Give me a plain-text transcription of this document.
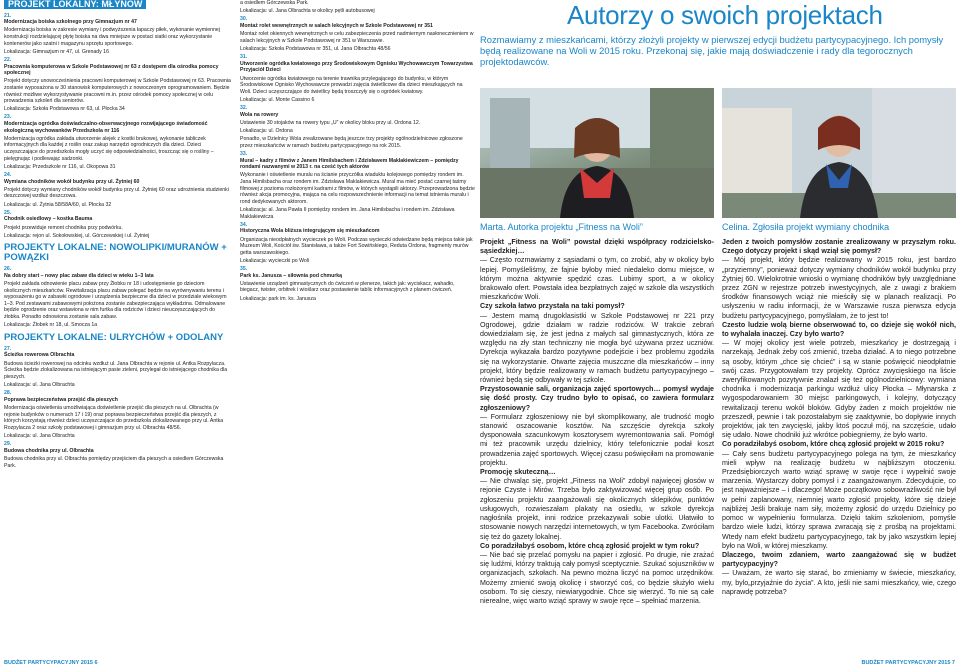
PROJEKT LOKALNY: MŁYNÓW
21.

Modernizacja boiska szkolnego przy Gimnazjum nr 47

Modernizacja boiska w zakresie wymiany i podwyższenia łapaczy piłek, wykonanie wymiennej konstrukcji rozdzielającej płytę boiska na dwa mniejsze w postaci siatki oraz wykorzystanie kontenerów jako szatni i magazynu sprzętu sportowego.

Lokalizacja: Gimnazjum nr 47, ul. Grenady 16

22.

Pracownia komputerowa w Szkole Podstawowej nr 63 z dostępem dla ośrodka pomocy społecznej

Projekt dotyczy unowocześnienia pracowni komputerowej w Szkole Podstawowej nr 63. Pracownia zostanie wyposażona w 30 stanowisk komputerowych z nowoczesnym oprogramowaniem. Będzie również możliwe wykorzystywanie pracowni m.in. przez ośrodek pomocy społecznej w celu prowadzenia szkoleń dla seniorów.

Lokalizacja: Szkoła Podstawowa nr 63, ul. Płocka 34

23.

Modernizacja ogródka doświadczalno-obserwacyjnego rozwijającego świadomość ekologiczną wychowanków Przedszkola nr 116

Modernizacja ogródka zakłada utworzenie alejek z kostki brukowej, wykonanie tabliczek informacyjnych dla każdej z roślin oraz zakup narzędzi ogrodniczych dla dzieci. Dzieci uczęszczające do przedszkola mogły uczyć się odpowiedzialności, troszcząc się o rośliny – pielęgnując i podlewając sadzonki.

Lokalizacja: Przedszkole nr 116, ul. Okopowa 31

24.

Wymiana chodników wokół budynku przy ul. Żytniej 60

Projekt dotyczy wymiany chodników wokół budynku przy ul. Żytniej 60 oraz udrożnienia studzienki deszczowej wzdłuż deszczowa.

Lokalizacja: ul. Żytnia 58/58A/60, ul. Płocka 32

25.

Chodnik osiedlowy – kostka Bauma

Projekt przewiduje remont chodnika przy podwórku.

Lokalizacja: rejon ul. Sokołowskiej, ul. Górczewskiej i ul. Żytniej

PROJEKTY LOKALNE: NOWOLIPKI/MURANÓW + POWĄZKI
26.

Na dobry start – nowy plac zabaw dla dzieci w wieku 1–3 lata

Projekt zakłada odnowienie placu zabaw przy Żłobku nr 18 i udostępnienie go dzieciom okolicznych mieszkańców. Rewitalizacja placu zabaw polegać będzie na wyrównywaniu terenu i wyposażeniu go w zabawki ogrodowe i urządzenia bezpieczne dla dzieci w przedziale wiekowym 1–3. Pod zestawami zabawowymi położona zostanie zabezpieczająca wykładzina. Odmalowane będzie ogrodzenie oraz wstawiona w nim furtka dla rodziców i dzieci nieuczęszczających do żłobka. Ponadto odnowiona zostanie sala zabaw.

Lokalizacja: Żłobek nr 18, ul. Smocza 1a

PROJEKTY LOKALNE: ULRYCHÓW + ODOLANY
27.

Ścieżka rowerowa Olbrachta

Budowa ścieżki rowerowej na odcinku wzdłuż ul. Jana Olbrachta w rejonie ul. Antka Rozpylacza. Ścieżka będzie zlokalizowana na istniejącym pasie zieleni, przylegał do istniejącego chodnika dla pieszych.

Lokalizacja: ul. Jana Olbrachta

28.

Poprawa bezpieczeństwa przejść dla pieszych

Modernizacja oświetlenia umożliwiająca doświetlenie przejść dla pieszych na ul. Olbrachta (w rejonie budynków o numerach 17 i 19) oraz poprawa bezpieczeństwa przejść dla pieszych, z których korzystają również dzieci uczęszczające do przedszkola zlokalizowanego przy ul. Antka Rozpylacza 2 oraz szkoły podstawowej i gimnazjum przy ul. Olbrachta 48/56.

Lokalizacja: ul. Jana Olbrachta

29.

Budowa chodnika przy ul. Olbrachta

Budowa chodnika przy ul. Olbrachta pomiędzy przejściem dla pieszych a osiedlem Górczewska Park.

a osiedlem Górczewska Park.

Lokalizacja: ul. Jana Olbrachta w okolicy pętli autobusowej

30.

Montaż rolet wewnętrznych w salach lekcyjnych w Szkole Podstawowej nr 351

Montaż rolet okiennych wewnętrznych w celu zabezpieczenia przed nadmiernym nasłonecznieniem w salach lekcyjnych w Szkole Podstawowej nr 351 w Warszawie.

Lokalizacja: Szkoła Podstawowa nr 351, ul. Jana Olbrachta 48/56

31.

Utworzenie ogródka kwiatowego przy Środowiskowym Ognisku Wychowawczym Towarzystwa Przyjaciół Dzieci

Utworzenie ogródka kwiatowego na terenie trawnika przylegającego do budynku, w którym Środowiskowe Ognisko Wychowawcze prowadzi zajęcia świetlicowe dla dzieci mieszkających na Woli. Dzieci uczęszczające do świetlicy będą troszczyły się o ogródek kwiatowy.

Lokalizacja: ul. Monte Cassino 6

32.

Wola na rowery

Ustawienie 30 stojaków na rowery typu „U” w okolicy bloku przy ul. Ordona 12.

Lokalizacja: ul. Ordona

Ponadto, w Dzielnicy Wola zrealizowane będą jeszcze trzy projekty ogólnodzielnicowe zgłoszone przez mieszkańców w ramach budżetu partycypacyjnego na rok 2015.

33.

Mural – kadry z filmów z Janem Himilsbachem i Zdzisławem Maklakiewiczem – pomiędzy rondami nazwanymi w 2013 r. na cześć tych aktorów

Wykonanie i oświetlenie muralu na ścianie przyczółka wiaduktu kolejowego pomiędzy rondem im. Jana Himilsbacha oraz rondem im. Zdzisława Maklakiewicza. Mural ma mieć postać czarnej taśmy filmowej z pozioma rozłożonymi kadrami z filmów, w których wystąpili aktorzy. Przeprowadzona będzie również akcja promocyjna, mająca na celu rozpowszechnienie informacji na temat istnienia muralu i rond dedykowanych aktorom.

Lokalizacja: al. Jana Pawła II pomiędzy rondem im. Jana Himilsbacha i rondem im. Zdzisława Maklakiewicza

34.

Historyczna Wola bliższa integrującym się mieszkańcom

Organizacja nieodpłatnych wycieczek po Woli. Podczas wycieczki odwiedzane będą miejsca takie jak Muzeum Woli, Kościół św. Stanisława, a także Fort Sowińskiego, Reduta Ordona, fragmenty murów getta warszawskiego.

Lokalizacja: wycieczki po Woli

35.

Park ks. Janusza – siłownia pod chmurką

Ustawienie urządzeń gimnastycznych do ćwiczeń w plenerze, takich jak: wyciskacz, wahadło, biegacz, twister, orbitrek i wioślarz oraz postawienie tablic informacyjnych z planem ćwiczeń.

Lokalizacja: park im. ks. Janusza

BUDŻET PARTYCYPACYJNY 2015 6
Autorzy o swoich projektach
Rozmawiamy z mieszkańcami, którzy złożyli projekty w pierwszej edycji budżetu partycypacyjnego. Ich pomysły będą realizowane na Woli w 2015 roku. Przekonaj się, jakie mają doświadczenie i rady dla tegorocznych projektodawców.
Marta. Autorka projektu „Fitness na Woli”	Celina. Zgłosiła projekt wymiany chodnika

Projekt „Fitness na Woli” powstał dzięki współpracy rodzicielsko-sąsiedzkiej…

— Często rozmawiamy z sąsiadami o tym, co zrobić, aby w okolicy było lepiej. Pomyśleliśmy, że fajnie byłoby mieć niedaleko domu miejsce, w którym można aktywnie spędzić czas. Lubimy sport, a w okolicy brakowało ofert. Powstała idea bezpłatnych zajęć w szkole dla wszystkich mieszkańców Woli.

Czy szkoła łatwo przystała na taki pomysł?

— Jestem mamą drugoklasistki w Szkole Podstawowej nr 221 przy Ogrodowej, gdzie działam w radzie rodziców. W trakcie zebrań dowiedziałam się, że jest jedna z małych sal gimnastycznych, która ze względu na zły stan techniczny nie mogła być używana przez uczniów. Dyrekcja wykazała bardzo pozytywne podejście i bez problemu zgodziła się na wykorzystanie. Otwarte zajęcia muszczne dla mieszkańców – inny projekt, który będzie realizowany w ramach budżetu partycypacyjnego – również będą się odbywały w tej szkole.

Przystosowanie sali, organizacja zajęć sportowych… pomysł wydaje się dość prosty. Czy trudno było to opisać, co zawiera formularz zgłoszeniowy?

— Formularz zgłoszeniowy nie był skomplikowany, ale trudność mogło stanowić oszacowanie kosztów. Na szczęście dyrekcja szkoły dysponowała szacunkowym kosztorysem wyremontowania sali. Pomógł mi też pracownik urzędu dzielnicy, który telefonicznie podał koszt prowadzenia zajęć sportowych. Więcej czasu poświęciłam na promowanie projektu.

Promocję skuteczną…

— Nie chwaląc się, projekt „Fitness na Woli” zdobył najwięcej głosów w rejonie Czyste i Mirów. Trzeba było zaktywizować więcej grup osób. Po zgłoszeniu projektu zaangażowali się okolicznych sklepików, punktów usługowych, rozwieszałam plakaty na osiedlu, w szkole dyrekcja nagłośniła projekt, inni rodzice przekazywali sobie ulotki. Ułatwiło to stosowanie nowych narzędzi internetowych, w tym Facebooka. Zwróciłam się też do gazety lokalnej.

Co poradziłabyś osobom, które chcą zgłosić projekt w tym roku?

— Nie bać się przelać pomysłu na papier i zgłosić. Po drugie, nie zrażać się ludźmi, którzy traktują cały pomysł sceptycznie. Szukać sojuszników w organizacjach, szkołach. Na pewno można liczyć na pomoc urzędników. Możemy zmienić swoją okolicę i stworzyć coś, co będzie służyło wielu osobom. To się cieszy, niewiarygodnie. Chce się wierzyć. To nie są całe nierealne, więc warto wziąć sprawy w swoje ręce – spełniać marzenia.

Jeden z twoich pomysłów zostanie zrealizowany w przyszłym roku. Czego dotyczy projekt i skąd wziął się pomysł?

— Mój projekt, który będzie realizowany w 2015 roku, jest bardzo „przyziemny”, ponieważ dotyczy wymiany chodników wokół budynku przy Żytniej 60. Wielokrotnie wnioski o wymianę chodników były uwzględniane przez ZGN w rejestrze potrzeb inwestycyjnych, ale z uwagi z brakiem środków finansowych wciąż nie mieściły się w planach realizacji. Po usłyszeniu w radiu informacji, że w Warszawie rusza pierwsza edycja budżetu partycypacyjnego, pomyślałam, że to jest to!

Czesto ludzie wolą bierne obserwować to, co dzieje się wokół nich, to wyhalała inaczej. Czy było warto?

— W mojej okolicy jest wiele potrzeb, mieszkańcy je dostrzegają i narzekają. Jednak żeby coś zmienić, trzeba działać. A to niego potrzebne są osoby, którym „chce się chcieć” i są w stanie poświęcić nieodpłatnie swój czas. Przygotowałam trzy projekty. Oprócz zwycięskiego na liście zweryfikowanych pozytywnie znalazł się też ogólnodzielnicowy: wymiana chodnika i modernizacja parkingu wzdłuż ulicy Płocka – Młynarska z wygospodarowaniem 30 miejsc parkingowych, i kolejny, dotyczący rewitalizacji terenu wokół bloków. Gdyby żaden z moich projektów nie przeszedł, pewnie i tak pozostałabym się zaaktywnie, bo dopływie innych projektów, jak ten zwycięski, jakby ktoś poczuł mój, na szczęście, udało się udało. Nowe chodniki już wkrótce pobiegniemy, że było warto.

Co poradziłabyś osobom, które chcą zgłosić projekt w 2015 roku?

— Cały sens budżetu partycypacyjnego polega na tym, że mieszkańcy mieli wpływ na realizację budżetu w najbliższym otoczeniu. Przedsiębiorczych warto wziąć sprawę w swoje ręce i wypełnić swoje marzenia. Wystarczy dobry pomysł i z zaangażowanym. Zdecydujcie, co jest najważniejsze – i dlaczego! Może początkowo sobowrażliwość nie był w pełni zaplanowany, niemniej warto zgłosić projekty, które się dzieje najbliżej Jeśli brakuje nam siły, możemy zgłosić do urzędu Dzielnicy po pomoc w wypełnieniu formularza. Dzięki takim szkoleniom, pomyśle bardzo wiele ludzi, którzy sprawa zwracają się z prośbą na projektami. Wtedy nam efekt budżetu partycypacyjnego, tak by jako wszystkim lepiej było na Woli, w której mieszkamy.

Dlaczego, twoim zdaniem, warto zaangażować się w budżet partycypacyjny?

— Uważam, że warto się starać, bo zmieniamy w świecie, mieszkańcy, my, bylo„przyjaźnie do życia”. A kto, jeśli nie sami mieszkańcy, wie, czego naprawdę potrzeba?

BUDŻET PARTYCYPACYJNY 2015 7
